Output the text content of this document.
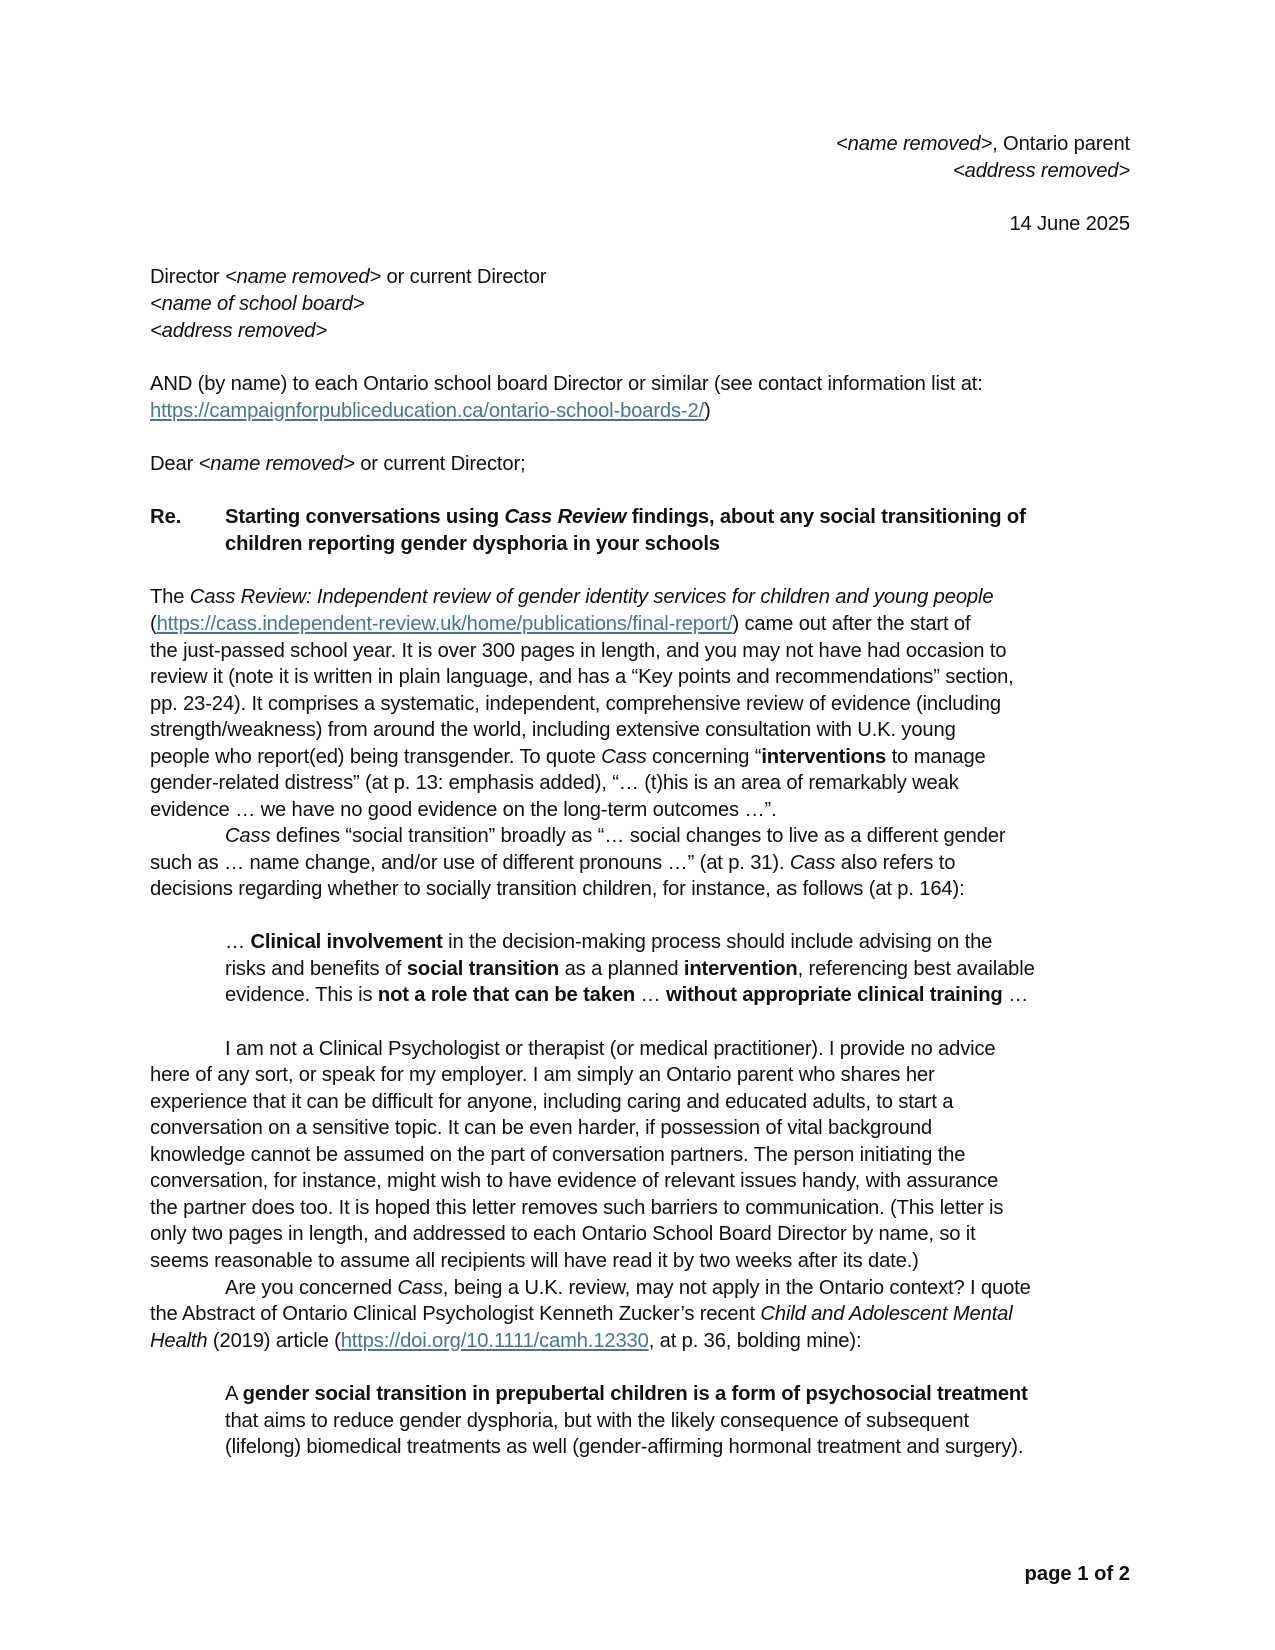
<name removed>, Ontario parent
<address removed>
14 June 2025
Director <name removed> or current Director
<name of school board>
<address removed>
AND (by name) to each Ontario school board Director or similar (see contact information list at:
https://campaignforpubliceducation.ca/ontario-school-boards-2/)
Dear <name removed> or current Director;
Re. Starting conversations using Cass Review findings, about any social transitioning of
children reporting gender dysphoria in your schools
The Cass Review: Independent review of gender identity services for children and young people
(https://cass.independent-review.uk/home/publications/final-report/) came out after the start of
the just-passed school year. It is over 300 pages in length, and you may not have had occasion to
review it (note it is written in plain language, and has a “Key points and recommendations” section,
pp. 23-24). It comprises a systematic, independent, comprehensive review of evidence (including
strength/weakness) from around the world, including extensive consultation with U.K. young
people who report(ed) being transgender. To quote Cass concerning “interventions to manage
gender-related distress” (at p. 13: emphasis added), “… (t)his is an area of remarkably weak
evidence … we have no good evidence on the long-term outcomes …”.
Cass defines “social transition” broadly as “… social changes to live as a different gender
such as … name change, and/or use of different pronouns …” (at p. 31). Cass also refers to
decisions regarding whether to socially transition children, for instance, as follows (at p. 164):
… Clinical involvement in the decision-making process should include advising on the
risks and benefits of social transition as a planned intervention, referencing best available
evidence. This is not a role that can be taken … without appropriate clinical training …
I am not a Clinical Psychologist or therapist (or medical practitioner). I provide no advice
here of any sort, or speak for my employer. I am simply an Ontario parent who shares her
experience that it can be difficult for anyone, including caring and educated adults, to start a
conversation on a sensitive topic. It can be even harder, if possession of vital background
knowledge cannot be assumed on the part of conversation partners. The person initiating the
conversation, for instance, might wish to have evidence of relevant issues handy, with assurance
the partner does too. It is hoped this letter removes such barriers to communication. (This letter is
only two pages in length, and addressed to each Ontario School Board Director by name, so it
seems reasonable to assume all recipients will have read it by two weeks after its date.)
Are you concerned Cass, being a U.K. review, may not apply in the Ontario context? I quote
the Abstract of Ontario Clinical Psychologist Kenneth Zucker’s recent Child and Adolescent Mental
Health (2019) article (https://doi.org/10.1111/camh.12330, at p. 36, bolding mine):
A gender social transition in prepubertal children is a form of psychosocial treatment
that aims to reduce gender dysphoria, but with the likely consequence of subsequent
(lifelong) biomedical treatments as well (gender-affirming hormonal treatment and surgery).
page 1 of 2
